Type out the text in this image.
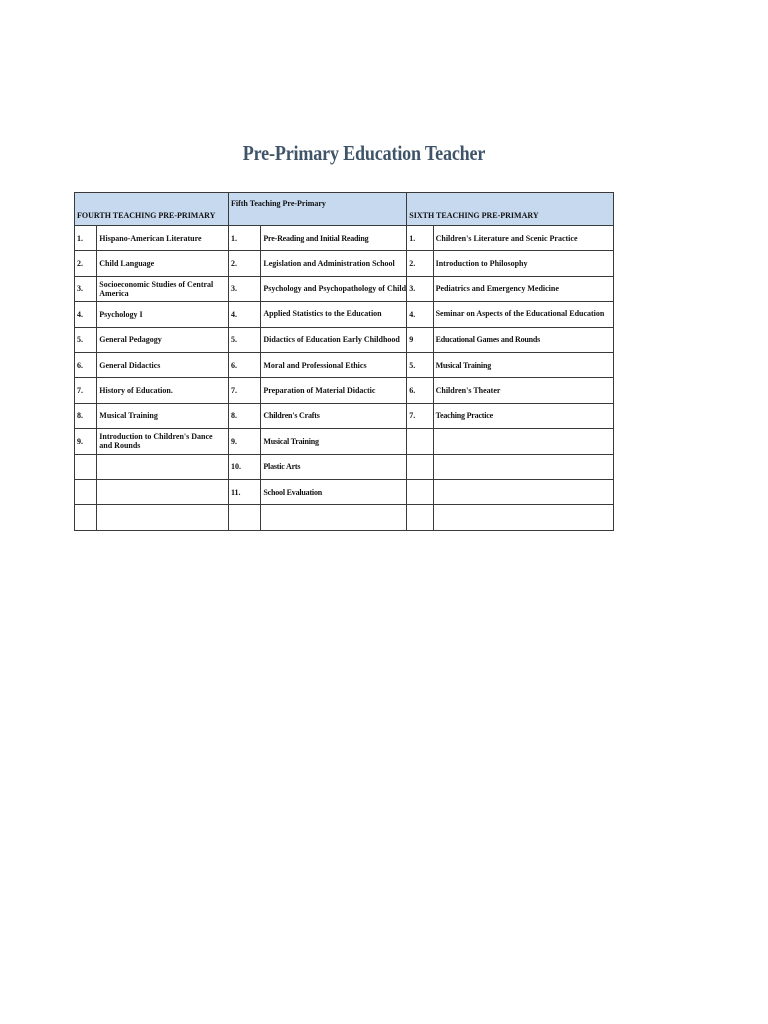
Pre-Primary Education Teacher
FOURTH TEACHING PRE-PRIMARY		Fifth Teaching Pre-Primary		SIXTH TEACHING PRE-PRIMARY	
1.	Hispano-American Literature	1.	Pre-Reading and Initial Reading	1.	Children's Literature and Scenic Practice
2.	Child Language	2.	Legislation and Administration School	2.	Introduction to Philosophy
3.	Socioeconomic Studies of Central America	3.	Psychology and Psychopathology of Child	3.	Pediatrics and Emergency Medicine
4.	Psychology I	4.	Applied Statistics to the Education	4.	Seminar on Aspects of the Educational Education
5.	General Pedagogy	5.	Didactics of Education Early Childhood	9	Educational Games and Rounds
6.	General Didactics	6.	Moral and Professional Ethics	5.	Musical Training
7.	History of Education.	7.	Preparation of Material Didactic	6.	Children's Theater
8.	Musical Training	8.	Children's Crafts	7.	Teaching Practice
9.	Introduction to Children's Dance and Rounds	9.	Musical Training		
		10.	Plastic Arts		
		11.	School Evaluation		
